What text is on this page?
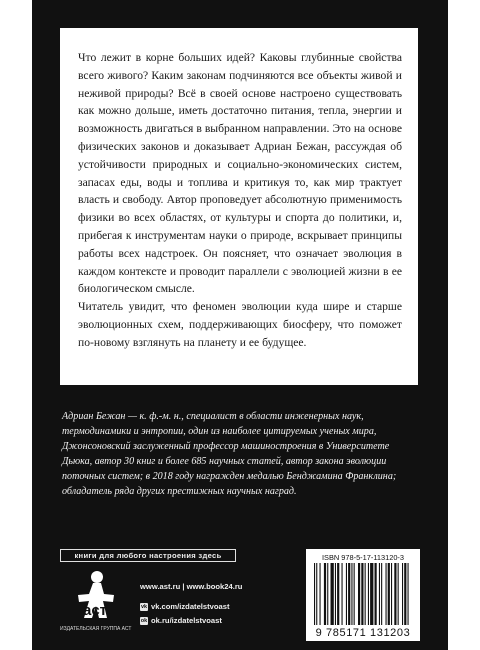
Что лежит в корне больших идей? Каковы глубинные свойства всего живого? Каким законам подчиняются все объекты живой и неживой природы? Всё в своей основе настроено существовать как можно дольше, иметь достаточно питания, тепла, энергии и возможность двигаться в выбранном направлении. Это на основе физических законов и доказывает Адриан Бежан, рассуждая об устойчивости природных и социально-экономических систем, запасах еды, воды и топлива и критикуя то, как мир трактует власть и свободу. Автор проповедует абсолютную применимость физики во всех областях, от культуры и спорта до политики, и, прибегая к инструментам науки о природе, вскрывает принципы работы всех надстроек. Он поясняет, что означает эволюция в каждом контексте и проводит параллели с эволюцией жизни в ее биологическом смысле.

Читатель увидит, что феномен эволюции куда шире и старше эволюционных схем, поддерживающих биосферу, что поможет по-новому взглянуть на планету и ее будущее.

Адриан Бежан — к. ф.-м. н., специалист в области инженерных наук, термодинамики и энтропии, один из наиболее цитируемых ученых мира, Джонсоновский заслуженный профессор машиностроения в Университете Дьюка, автор 30 книг и более 685 научных статей, автор закона эволюции поточных систем; в 2018 году награжден медалью Бенджамина Франклина; обладатель ряда других престижных научных наград.

книги для любого настроения здесь
аст
ИЗДАТЕЛЬСКАЯ ГРУППА АСТ
www.ast.ru | www.book24.ru
vk vk.com/izdatelstvoast
ok ok.ru/izdatelstvoast
ISBN 978-5-17-113120-3
9 785171 131203
